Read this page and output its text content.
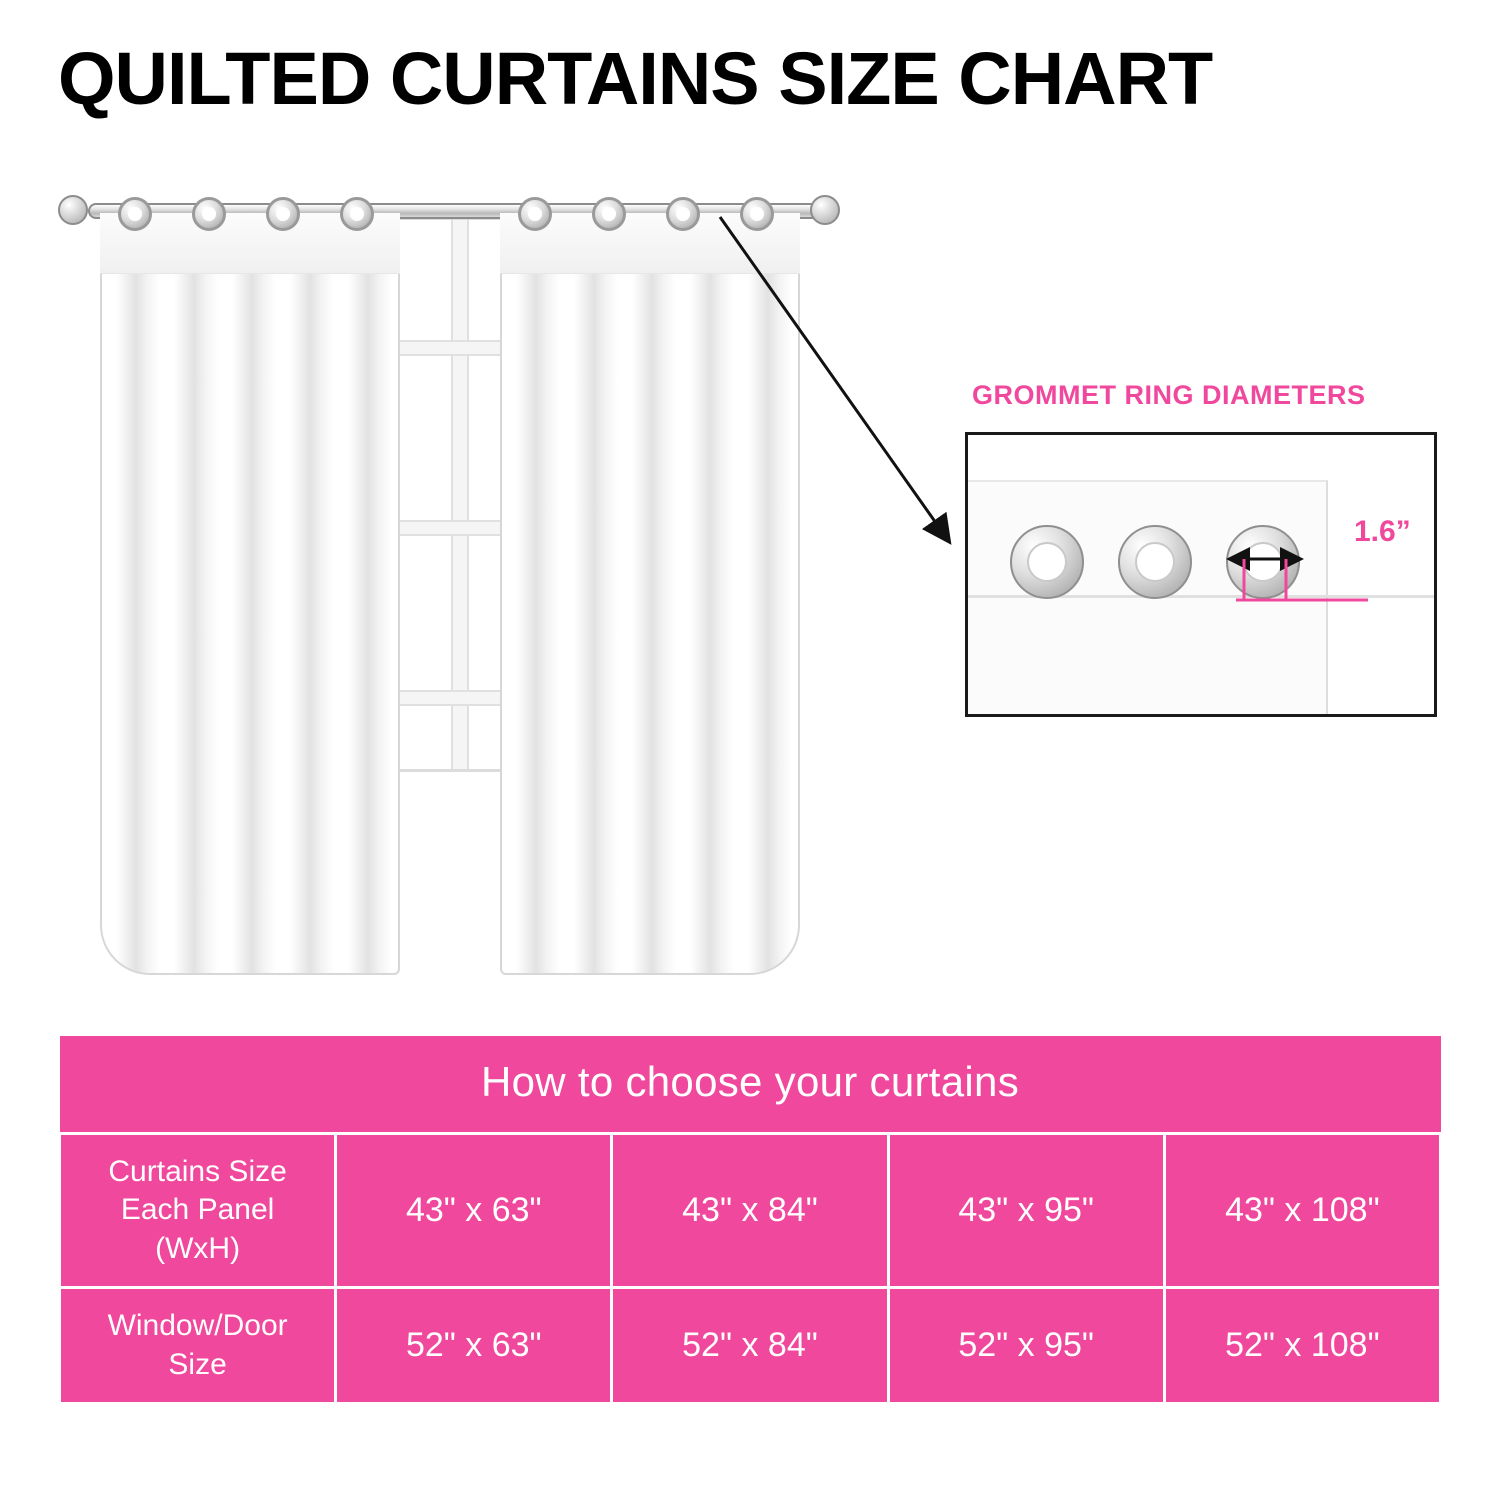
QUILTED CURTAINS SIZE CHART
GROMMET RING DIAMETERS
1.6”
How to choose your curtains				

Curtains Size
Each Panel
(WxH)	43" x 63"	43" x 84"	43" x 95"	43" x 108"

Window/Door
Size	52" x 63"	52" x 84"	52" x 95"	52" x 108"
